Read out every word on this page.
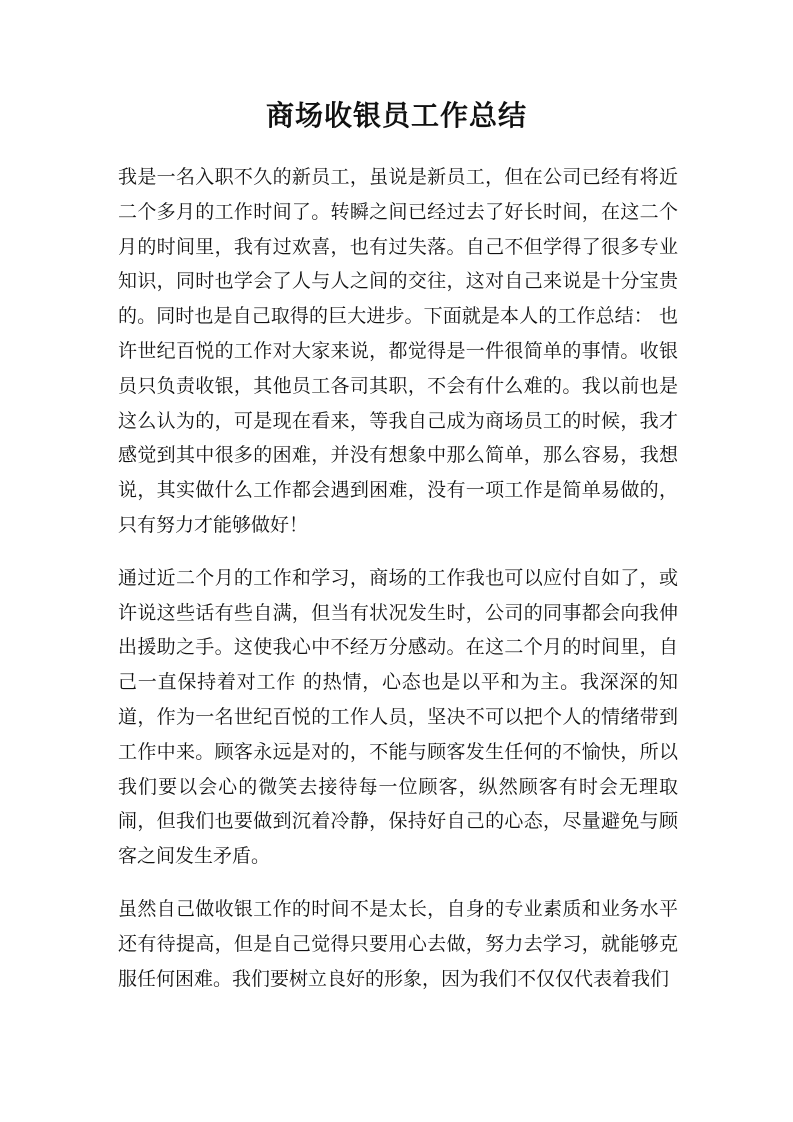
商场收银员工作总结

我是一名入职不久的新员工，虽说是新员工，但在公司已经有将近二个多月的工作时间了。转瞬之间已经过去了好长时间，在这二个月的时间里，我有过欢喜，也有过失落。自己不但学得了很多专业知识，同时也学会了人与人之间的交往，这对自己来说是十分宝贵的。同时也是自己取得的巨大进步。下面就是本人的工作总结： 也许世纪百悦的工作对大家来说，都觉得是一件很简单的事情。收银员只负责收银，其他员工各司其职，不会有什么难的。我以前也是这么认为的，可是现在看来，等我自己成为商场员工的时候，我才感觉到其中很多的困难，并没有想象中那么简单，那么容易，我想说，其实做什么工作都会遇到困难，没有一项工作是简单易做的，只有努力才能够做好！

通过近二个月的工作和学习，商场的工作我也可以应付自如了，或许说这些话有些自满，但当有状况发生时，公司的同事都会向我伸出援助之手。这使我心中不经万分感动。在这二个月的时间里，自己一直保持着对工作 的热情，心态也是以平和为主。我深深的知道，作为一名世纪百悦的工作人员，坚决不可以把个人的情绪带到工作中来。顾客永远是对的，不能与顾客发生任何的不愉快，所以我们要以会心的微笑去接待每一位顾客，纵然顾客有时会无理取闹，但我们也要做到沉着冷静，保持好自己的心态，尽量避免与顾客之间发生矛盾。

虽然自己做收银工作的时间不是太长，自身的专业素质和业务水平还有待提高，但是自己觉得只要用心去做，努力去学习，就能够克服任何困难。我们要树立良好的形象，因为我们不仅仅代表着我们
